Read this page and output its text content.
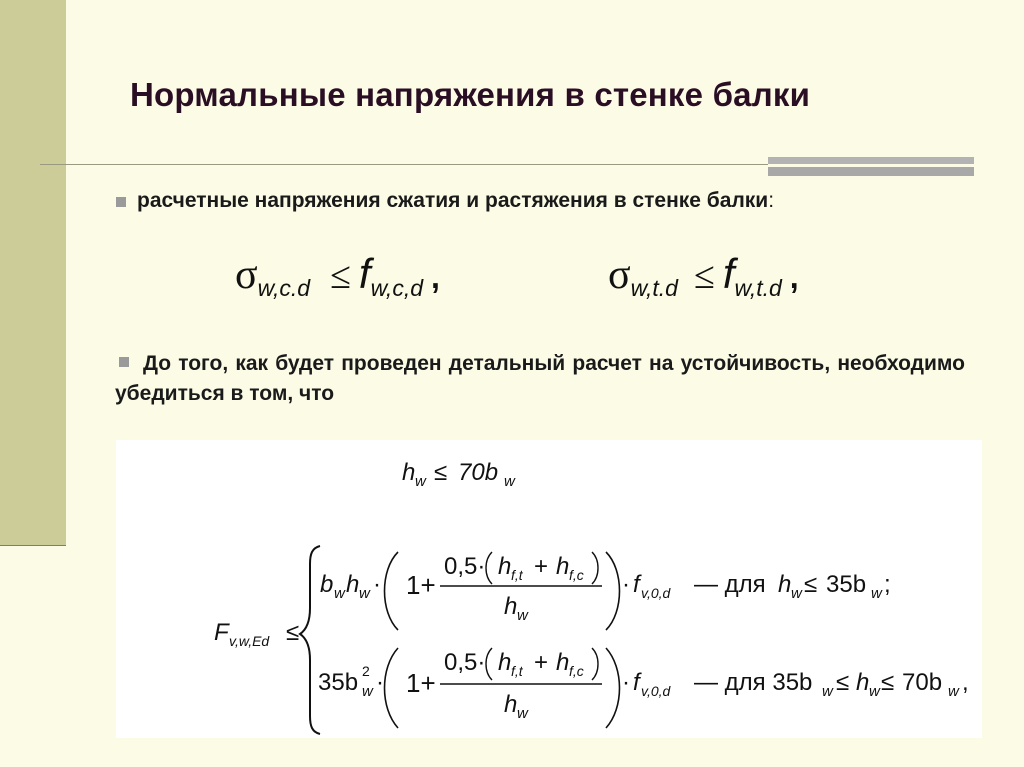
Нормальные напряжения в стенке балки
расчетные напряжения сжатия и растяжения в стенке балки:
σw,c.d ≤ fw,c,d ,	σw,t.d ≤ fw,t.d ,
До того, как будет проведен детальный расчет на устойчивость, необходимо убедиться в том, что
h w ≤ 70b w
F v,w,Ed ≤
b w h w · 1+
0,5· h f,t + h f,c
h w
· f v,0,d — для h w ≤ 35b w ;
35b 2
w · 1+
0,5· h f,t + h f,c
h w
· f v,0,d — для 35b w ≤ h w ≤ 70b w ,
